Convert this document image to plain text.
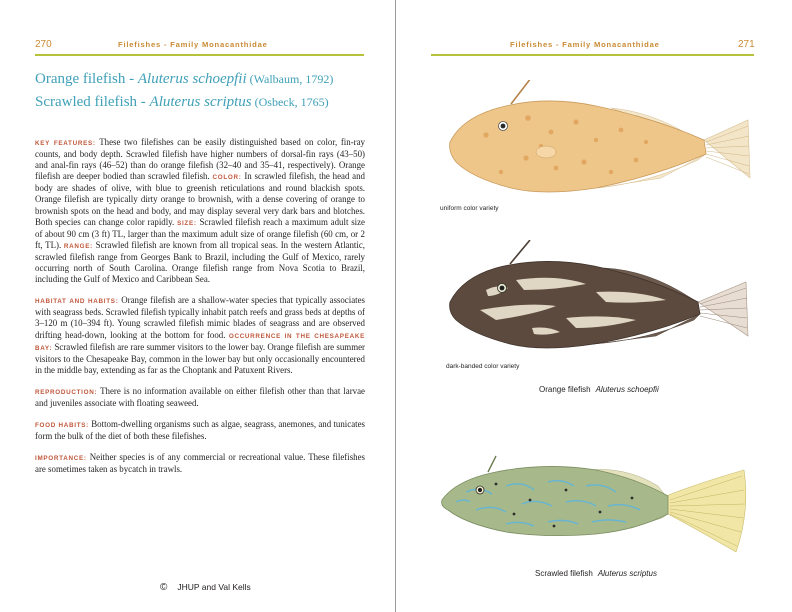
270	Filefishes - Family Monacanthidae
Orange filefish - Aluterus schoepfii (Walbaum, 1792)
Scrawled filefish - Aluterus scriptus (Osbeck, 1765)

KEY FEATURES: These two filefishes can be easily distinguished based on color, fin-ray counts, and body depth. Scrawled filefish have higher numbers of dorsal-fin rays (43–50) and anal-fin rays (46–52) than do orange filefish (32–40 and 35–41, respectively). Orange filefish are deeper bodied than scrawled filefish. COLOR: In scrawled filefish, the head and body are shades of olive, with blue to greenish reticulations and round blackish spots. Orange filefish are typically dirty orange to brownish, with a dense covering of orange to brownish spots on the head and body, and may display several very dark bars and blotches. Both species can change color rapidly. SIZE: Scrawled filefish reach a maximum adult size of about 90 cm (3 ft) TL, larger than the maximum adult size of orange filefish (60 cm, or 2 ft, TL). RANGE: Scrawled filefish are known from all tropical seas. In the western Atlantic, scrawled filefish range from Georges Bank to Brazil, including the Gulf of Mexico, rarely occurring north of South Carolina. Orange filefish range from Nova Scotia to Brazil, including the Gulf of Mexico and Caribbean Sea.

HABITAT AND HABITS: Orange filefish are a shallow-water species that typically associates with seagrass beds. Scrawled filefish typically inhabit patch reefs and grass beds at depths of 3–120 m (10–394 ft). Young scrawled filefish mimic blades of seagrass and are observed drifting head-down, looking at the bottom for food. OCCURRENCE IN THE CHESAPEAKE BAY: Scrawled filefish are rare summer visitors to the lower bay. Orange filefish are summer visitors to the Chesapeake Bay, common in the lower bay but only occasionally encountered in the middle bay, extending as far as the Choptank and Patuxent Rivers.

REPRODUCTION: There is no information available on either filefish other than that larvae and juveniles associate with floating seaweed.

FOOD HABITS: Bottom-dwelling organisms such as algae, seagrass, anemones, and tunicates form the bulk of the diet of both these filefishes.

IMPORTANCE: Neither species is of any commercial or recreational value. These filefishes are sometimes taken as bycatch in trawls.

© JHUP and Val Kells
Filefishes - Family Monacanthidae	271
uniform color variety
dark-banded color variety
Orange filefish Aluterus schoepfii
Scrawled filefish Aluterus scriptus
